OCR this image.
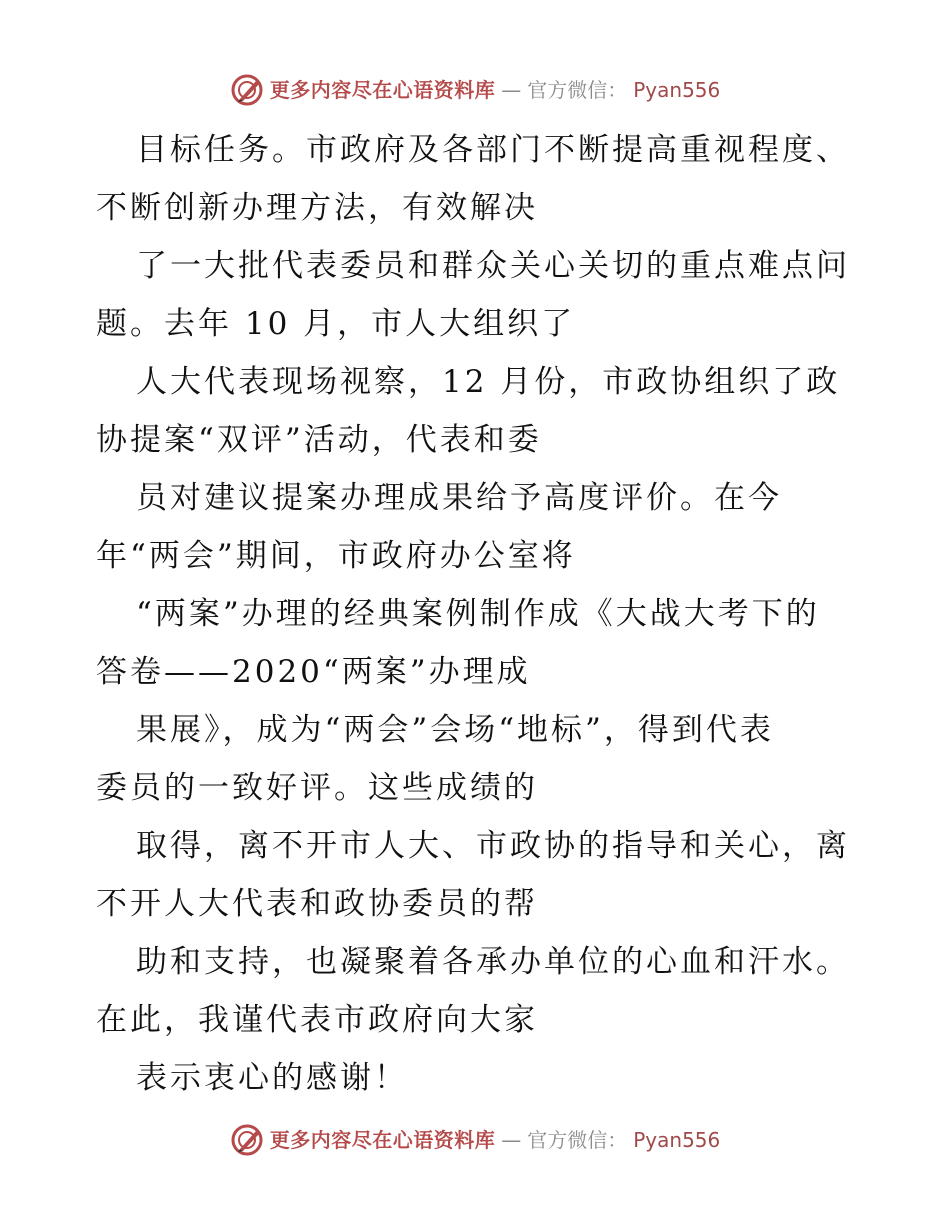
更多内容尽在心语资料库 — 官方微信： Pyan556
目标任务。市政府及各部门不断提高重视程度、
不断创新办理方法，有效解决
了一大批代表委员和群众关心关切的重点难点问
题。去年 10 月，市人大组织了
人大代表现场视察，12 月份，市政协组织了政
协提案“双评”活动，代表和委
员对建议提案办理成果给予高度评价。在今
年“两会”期间，市政府办公室将
“两案”办理的经典案例制作成《大战大考下的
答卷——2020“两案”办理成
果展》，成为“两会”会场“地标”，得到代表
委员的一致好评。这些成绩的
取得，离不开市人大、市政协的指导和关心，离
不开人大代表和政协委员的帮
助和支持，也凝聚着各承办单位的心血和汗水。
在此，我谨代表市政府向大家
表示衷心的感谢！
更多内容尽在心语资料库 — 官方微信： Pyan556
